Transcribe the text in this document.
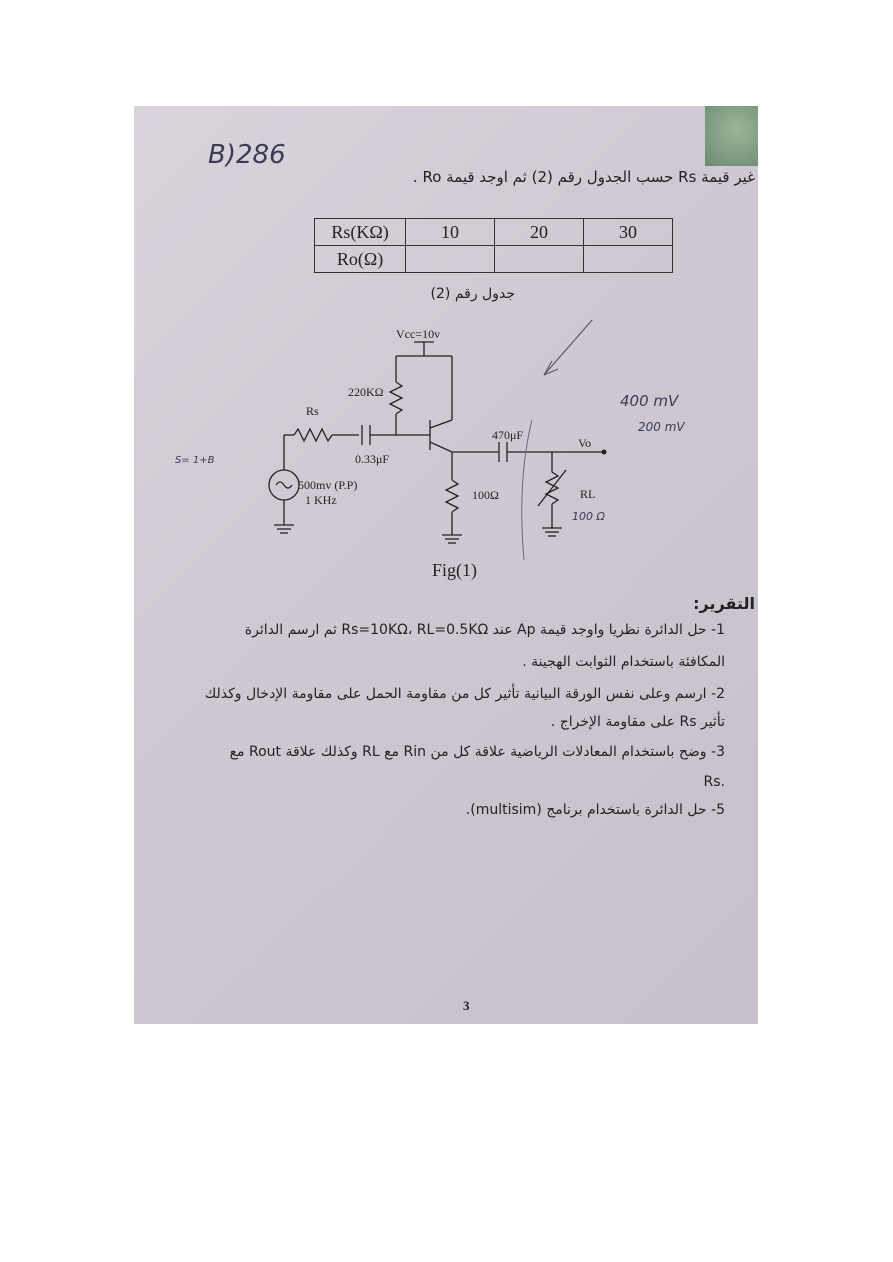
B)286
غير قيمة Rs حسب الجدول رقم (2) ثم اوجد قيمة Ro .
Rs(KΩ)	10	20	30
Ro(Ω)			
جدول رقم (2)
Vcc=10v
220KΩ
Rs
0.33μF
500mv (P.P)
1 KHz
470μF
Vo
100Ω	RL
Fig(1)
400 mV
200 mV
100 Ω
S= 1+B
التقرير:
1- حل الدائرة نظريا واوجد قيمة Ap عند Rs=10KΩ، RL=0.5KΩ ثم ارسم الدائرة
المكافئة باستخدام الثوابت الهجينة .
2- ارسم وعلى نفس الورقة البيانية تأثير كل من مقاومة الحمل على مقاومة الإدخال وكذلك
تأثير Rs على مقاومة الإخراج .
3- وضح باستخدام المعادلات الرياضية علاقة كل من Rin مع RL وكذلك علاقة Rout مع
.Rs
5- حل الدائرة باستخدام برنامج (multisim).
3
